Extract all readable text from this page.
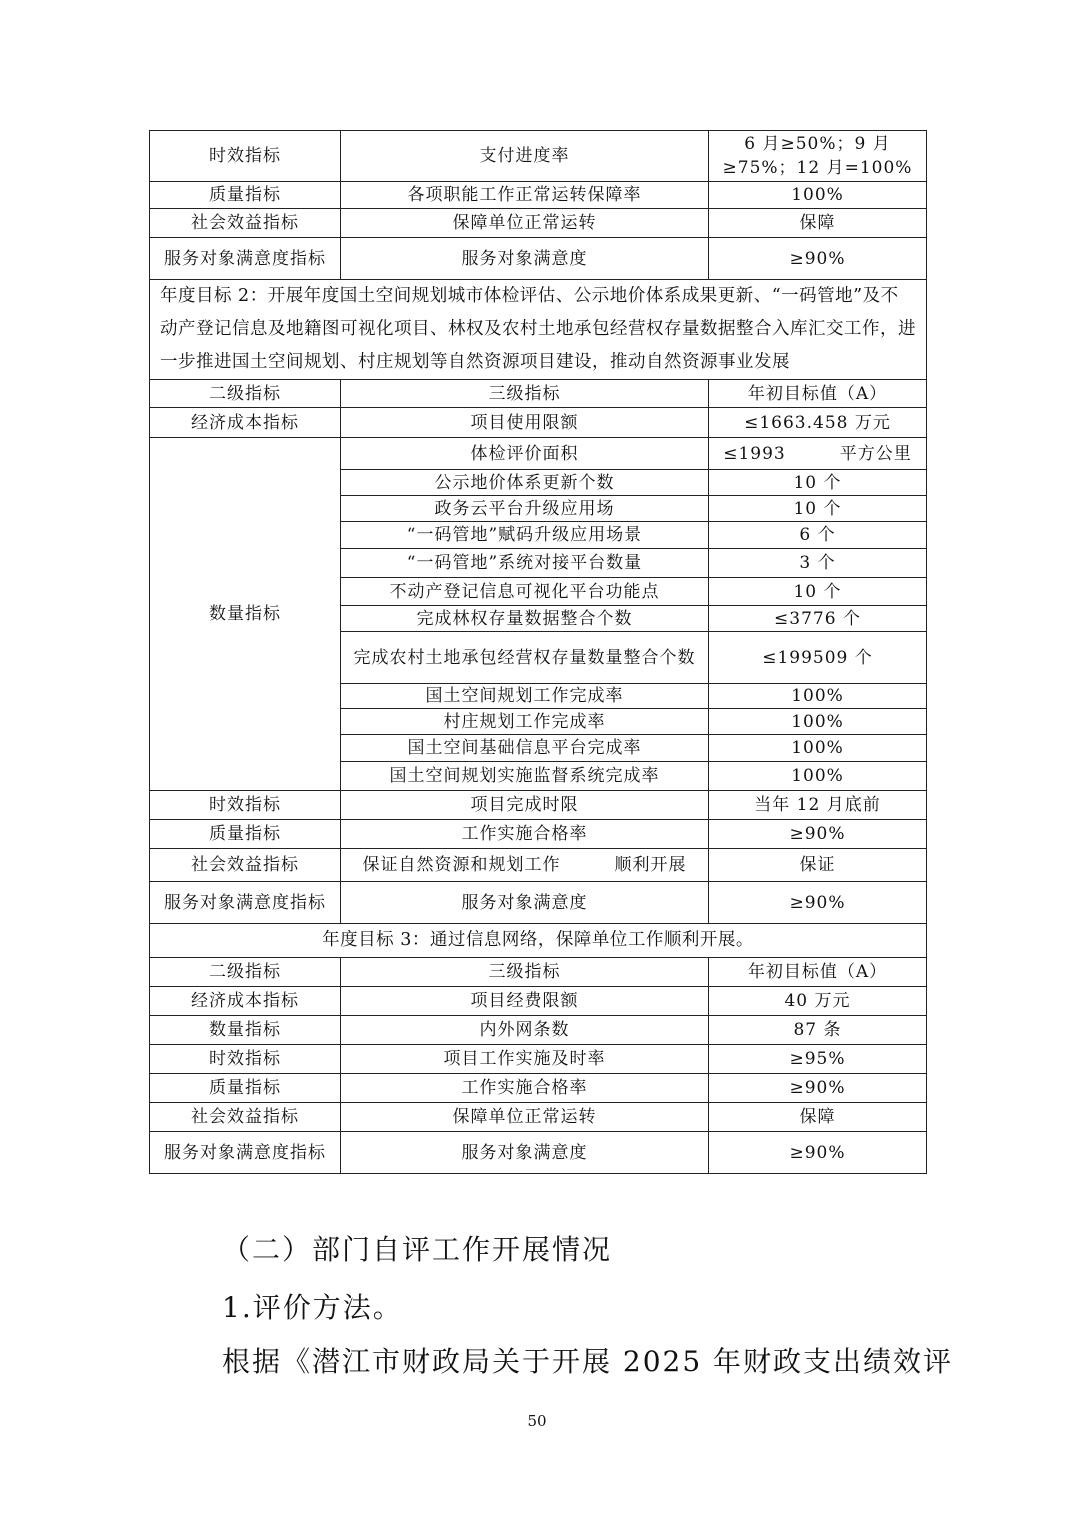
时效指标	支付进度率	6 月≥50%；9 月≥75%；12 月=100%
质量指标	各项职能工作正常运转保障率	100%
社会效益指标	保障单位正常运转	保障
服务对象满意度指标	服务对象满意度	≥90%
年度目标 2：开展年度国土空间规划城市体检评估、公示地价体系成果更新、“一码管地”及不动产登记信息及地籍图可视化项目、林权及农村土地承包经营权存量数据整合入库汇交工作，进一步推进国土空间规划、村庄规划等自然资源项目建设，推动自然资源事业发展		
二级指标	三级指标	年初目标值（A）
经济成本指标	项目使用限额	≤1663.458 万元
数量指标	体检评价面积	≤1993　　　平方公里
	公示地价体系更新个数	10 个
	政务云平台升级应用场	10 个
	“一码管地”赋码升级应用场景	6 个
	“一码管地”系统对接平台数量	3 个
	不动产登记信息可视化平台功能点	10 个
	完成林权存量数据整合个数	≤3776 个
	完成农村土地承包经营权存量数量整合个数	≤199509 个
	国土空间规划工作完成率	100%
	村庄规划工作完成率	100%
	国土空间基础信息平台完成率	100%
	国土空间规划实施监督系统完成率	100%
时效指标	项目完成时限	当年 12 月底前
质量指标	工作实施合格率	≥90%
社会效益指标	保证自然资源和规划工作　　　顺利开展	保证
服务对象满意度指标	服务对象满意度	≥90%
年度目标 3：通过信息网络，保障单位工作顺利开展。		
二级指标	三级指标	年初目标值（A）
经济成本指标	项目经费限额	40 万元
数量指标	内外网条数	87 条
时效指标	项目工作实施及时率	≥95%
质量指标	工作实施合格率	≥90%
社会效益指标	保障单位正常运转	保障
服务对象满意度指标	服务对象满意度	≥90%

（二）部门自评工作开展情况

1.评价方法。

根据《潜江市财政局关于开展 2025 年财政支出绩效评

50
